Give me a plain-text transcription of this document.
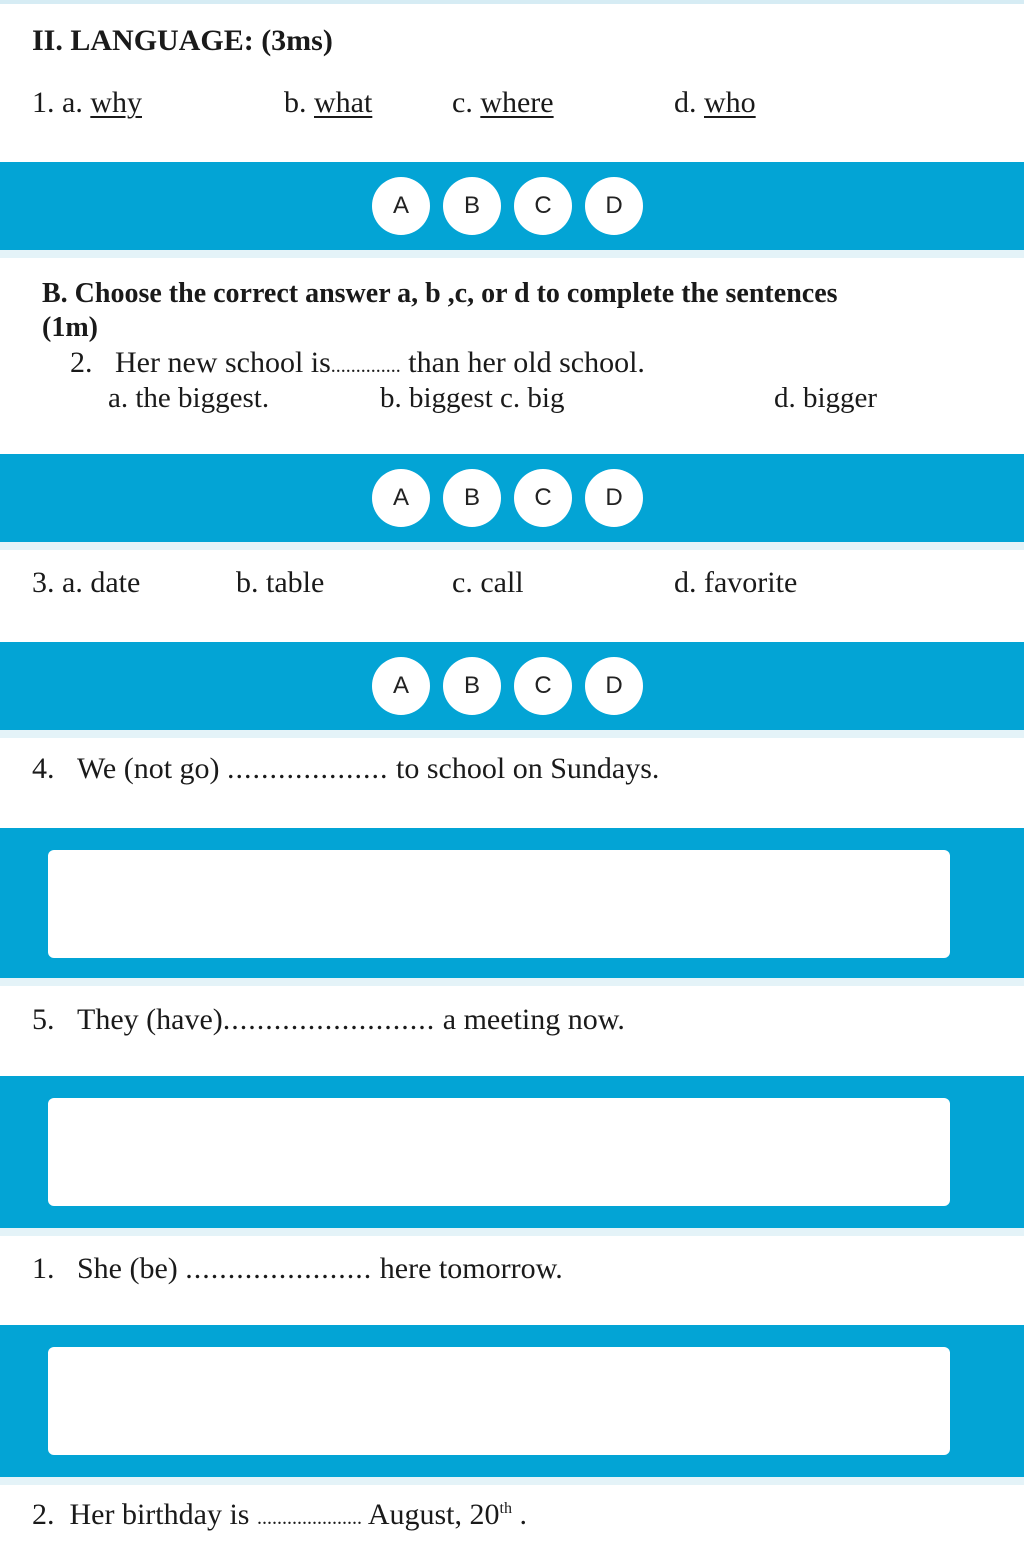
II. LANGUAGE: (3ms)
1. a. why	b. what	c. where	d. who
A	B	C	D
B. Choose the correct answer a, b ,c, or d to complete the sentences
(1m)
2. Her new school is.............. than her old school.
a. the biggest.	b. biggest c. big	d. bigger
A	B	C	D
3. a. date	b. table	c. call	d. favorite
A	B	C	D
4. We (not go) ................... to school on Sundays.
5. They (have)......................... a meeting now.
1. She (be) ...................... here tomorrow.
2. Her birthday is ..................... August, 20th .
